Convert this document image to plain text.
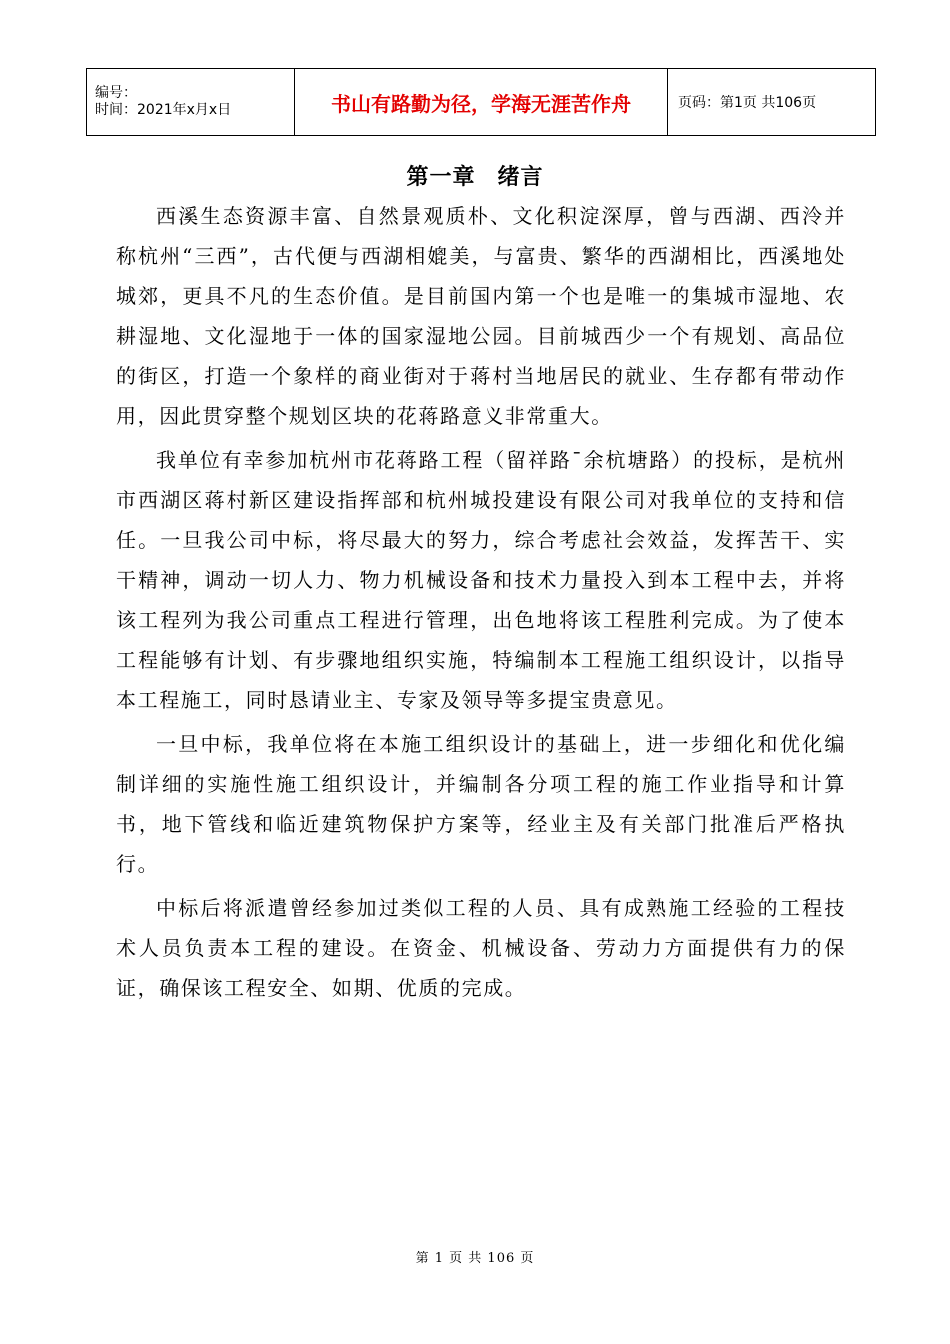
编号：
时间：2021年x月x日	书山有路勤为径，学海无涯苦作舟	页码：第1页 共106页
第一章 绪言

西溪生态资源丰富、自然景观质朴、文化积淀深厚，曾与西湖、西泠并称杭州“三西”，古代便与西湖相媲美，与富贵、繁华的西湖相比，西溪地处城郊，更具不凡的生态价值。是目前国内第一个也是唯一的集城市湿地、农耕湿地、文化湿地于一体的国家湿地公园。目前城西少一个有规划、高品位的街区，打造一个象样的商业街对于蒋村当地居民的就业、生存都有带动作用，因此贯穿整个规划区块的花蒋路意义非常重大。

我单位有幸参加杭州市花蒋路工程（留祥路¯余杭塘路）的投标，是杭州市西湖区蒋村新区建设指挥部和杭州城投建设有限公司对我单位的支持和信任。一旦我公司中标，将尽最大的努力，综合考虑社会效益，发挥苦干、实干精神，调动一切人力、物力机械设备和技术力量投入到本工程中去，并将该工程列为我公司重点工程进行管理，出色地将该工程胜利完成。为了使本工程能够有计划、有步骤地组织实施，特编制本工程施工组织设计，以指导本工程施工，同时恳请业主、专家及领导等多提宝贵意见。

一旦中标，我单位将在本施工组织设计的基础上，进一步细化和优化编制详细的实施性施工组织设计，并编制各分项工程的施工作业指导和计算书，地下管线和临近建筑物保护方案等，经业主及有关部门批准后严格执行。

中标后将派遣曾经参加过类似工程的人员、具有成熟施工经验的工程技术人员负责本工程的建设。在资金、机械设备、劳动力方面提供有力的保证，确保该工程安全、如期、优质的完成。

第 1 页 共 106 页
